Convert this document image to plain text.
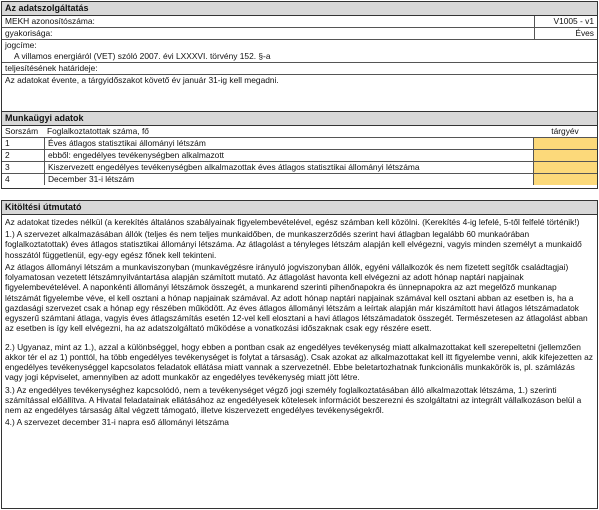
Az adatszolgáltatás
MEKH azonosítószáma:	V1005 - v1
gyakorisága:	Éves
jogcíme:
A villamos energiáról (VET) szóló 2007. évi LXXXVI. törvény 152. §-a
teljesítésének határideje:
Az adatokat évente, a tárgyidőszakot követő év január 31-ig kell megadni.
Munkaügyi adatok
Sorszám	Foglalkoztatottak száma, fő	tárgyév
1	Éves átlagos statisztikai állományi létszám
2	ebből: engedélyes tevékenységben alkalmazott
3	Kiszervezett engedélyes tevékenységben alkalmazottak éves átlagos statisztikai állományi létszáma
4	December 31-i létszám
Kitöltési útmutató

Az adatokat tizedes nélkül (a kerekítés általános szabályainak figyelembevételével, egész számban kell közölni. (Kerekítés 4-ig lefelé, 5-től felfelé történik!)

1.) A szervezet alkalmazásában állók (teljes és nem teljes munkaidőben, de munkaszerződés szerint havi átlagban legalább 60 munkaórában foglalkoztatottak) éves átlagos statisztikai állományi létszáma. Az átlagolást a tényleges létszám alapján kell elvégezni, vagyis minden személyt a munkaidő hosszától függetlenül, egy-egy egész főnek kell tekinteni.

Az átlagos állományi létszám a munkaviszonyban (munkavégzésre irányuló jogviszonyban állók, egyéni vállalkozók és nem fizetett segítők családtagjai) folyamatosan vezetett létszámnyilvántartása alapján számított mutató. Az átlagolást havonta kell elvégezni az adott hónap naptári napjainak figyelembevételével. A naponkénti állományi létszámok összegét, a munkarend szerinti pihenőnapokra és ünnepnapokra az azt megelőző munkanap létszámát figyelembe véve, el kell osztani a hónap napjainak számával. Az adott hónap naptári napjainak számával kell osztani abban az esetben is, ha a gazdasági szervezet csak a hónap egy részében működött. Az éves átlagos állományi létszám a leírtak alapján már kiszámított havi átlagos létszámadatok egyszerű számtani átlaga, vagyis éves átlagszámítás esetén 12-vel kell elosztani a havi átlagos létszámadatok összegét. Természetesen az átlagolást abban az esetben is így kell elvégezni, ha az adatszolgáltató működése a vonatkozási időszaknak csak egy részére esett.

2.) Ugyanaz, mint az 1.), azzal a különbséggel, hogy ebben a pontban csak az engedélyes tevékenység miatt alkalmazottakat kell szerepeltetni (jellemzően akkor tér el az 1) ponttól, ha több engedélyes tevékenységet is folytat a társaság). Csak azokat az alkalmazottakat kell itt figyelembe venni, akik kifejezetten az engedélyes tevékenységgel kapcsolatos feladatok ellátása miatt vannak a szervezetnél. Ebbe beletartozhatnak funkcionális munkakörök is, pl. számlázás vagy jogi képviselet, amennyiben az adott munkakör az engedélyes tevékenység miatt jött létre.

3.) Az engedélyes tevékenységhez kapcsolódó, nem a tevékenységet végző jogi személy foglalkoztatásában álló alkalmazottak létszáma, 1.) szerinti számítással előállítva. A Hivatal feladatainak ellátásához az engedélyesek kötelesek információt beszerezni és szolgáltatni az integrált vállalkozáson belül a nem az engedélyes társaság által végzett támogató, illetve kiszervezett engedélyes tevékenységekről.

4.) A szervezet december 31-i napra eső állományi létszáma
